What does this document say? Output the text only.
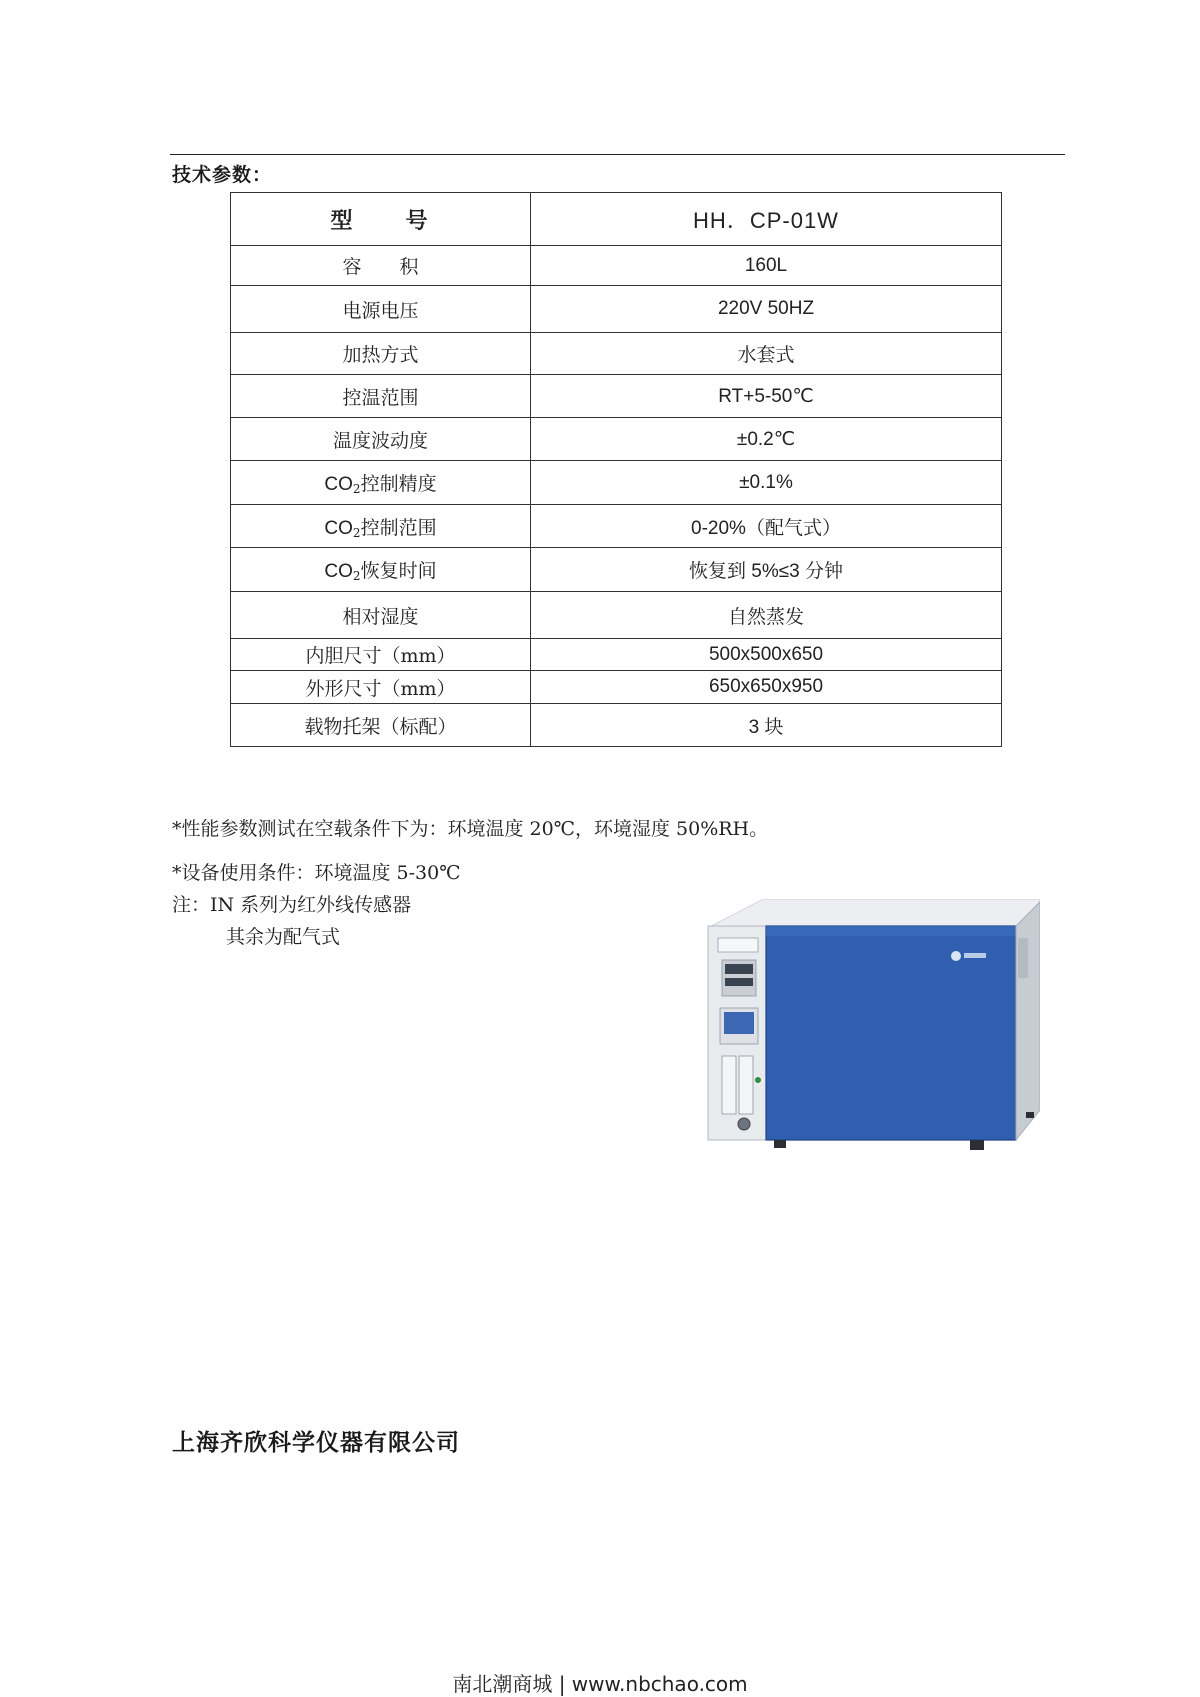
技术参数：
型　　号	HH．CP-01W
容　　积	160L
电源电压	220V 50HZ
加热方式	水套式
控温范围	RT+5-50℃
温度波动度	±0.2℃
$CO_2$控制精度	±0.1%
$CO_2$控制范围	0-20%（配气式）
$CO_2$恢复时间	恢复到 5%≤3 分钟
相对湿度	自然蒸发
内胆尺寸（mm）	500x500x650
外形尺寸（mm）	650x650x950
载物托架（标配）	3 块
*性能参数测试在空载条件下为：环境温度 20℃，环境湿度 50%RH。
*设备使用条件：环境温度 5-30℃
注：IN 系列为红外线传感器
其余为配气式
上海齐欣科学仪器有限公司
南北潮商城 | www.nbchao.com
